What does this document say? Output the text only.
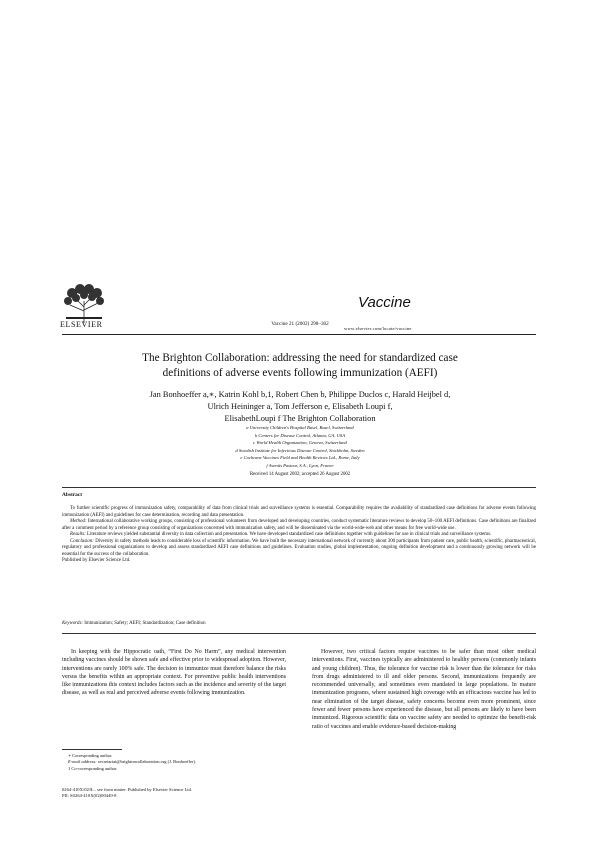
ELSEVIER	Vaccine 21 (2002) 298–302
Vaccine
www.elsevier.com/locate/vaccine
The Brighton Collaboration: addressing the need for standardized case
definitions of adverse events following immunization (AEFI)
Jan Bonhoeffer a,∗, Katrin Kohl b,1, Robert Chen b, Philippe Duclos c, Harald Heijbel d,
Ulrich Heininger a, Tom Jefferson e, Elisabeth Loupi f,
ElisabethLoupi f The Brighton Collaboration
a University Children's Hospital Basel, Basel, Switzerland
b Centers for Disease Control, Atlanta, GA, USA
c World Health Organization, Geneva, Switzerland
d Swedish Institute for Infectious Disease Control, Stockholm, Sweden
e Cochrane Vaccines Field and Health Reviews Ltd., Rome, Italy
f Aventis Pasteur, S.A., Lyon, France
Received 14 August 2002; accepted 26 August 2002
Abstract

To further scientific progress of immunization safety, comparability of data from clinical trials and surveillance systems is essential. Comparability requires the availability of standardized case definitions for adverse events following immunization (AEFI) and guidelines for case determination, recording and data presentation.

Method: International collaborative working groups, consisting of professional volunteers from developed and developing countries, conduct systematic literature reviews to develop 50–100 AEFI definitions. Case definitions are finalized after a comment period by a reference group consisting of organizations concerned with immunization safety, and will be disseminated via the world-wide-web and other means for free world-wide use.

Results: Literature reviews yielded substantial diversity in data collection and presentation. We have developed standardized case definitions together with guidelines for use in clinical trials and surveillance systems.

Conclusion: Diversity in safety methods leads to considerable loss of scientific information. We have built the necessary international network of currently about 300 participants from patient care, public health, scientific, pharmaceutical, regulatory and professional organizations to develop and assess standardized AEFI case definitions and guidelines. Evaluation studies, global implementation, ongoing definition development and a continuously growing network will be essential for the success of the collaboration.

Published by Elsevier Science Ltd.

Keywords: Immunization; Safety; AEFI; Standardization; Case definition

In keeping with the Hippocratic oath, “First Do No Harm”, any medical intervention including vaccines should be shown safe and effective prior to widespread adoption. However, interventions are rarely 100% safe. The decision to immunize must therefore balance the risks versus the benefits within an appropriate context. For preventive public health interventions like immunizations this context includes factors such as the incidence and severity of the target disease, as well as real and perceived adverse events following immunization.

However, two critical factors require vaccines to be safer than most other medical interventions. First, vaccines typically are administered to healthy persons (commonly infants and young children). Thus, the tolerance for vaccine risk is lower than the tolerance for risks from drugs administered to ill and older persons. Second, immunizations frequently are recommended universally, and sometimes even mandated in large populations. In mature immunization programs, where sustained high coverage with an efficacious vaccine has led to near elimination of the target disease, safety concerns become even more prominent, since fewer and fewer persons have experienced the disease, but all persons are likely to have been immunized. Rigorous scientific data on vaccine safety are needed to optimize the benefit-risk ratio of vaccines and enable evidence-based decision-making

∗ Corresponding author.
E-mail address: secretariat@brightoncollaboration.org (J. Bonhoeffer).
1 Co-corresponding author.
0264-410X/02/$ – see front matter. Published by Elsevier Science Ltd.
PII: S0264-410X(02)00449-8
